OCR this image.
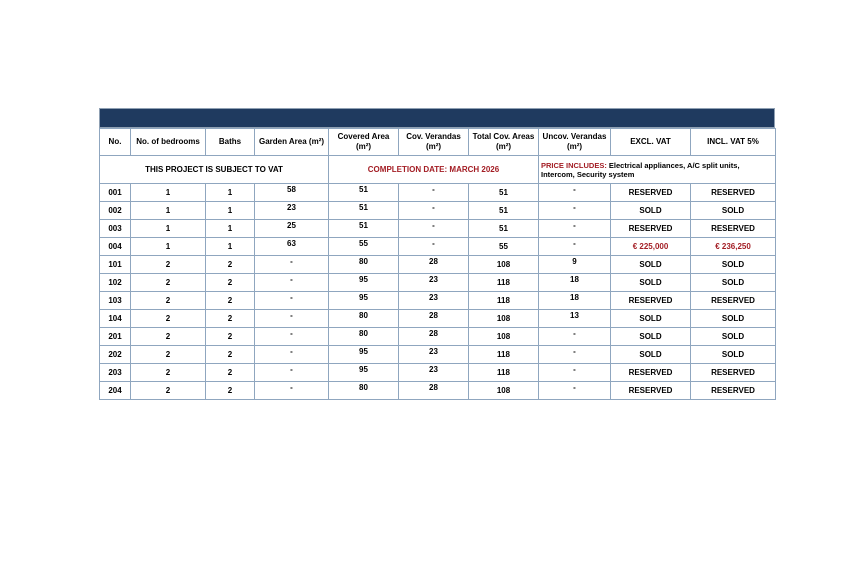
THIS PROJECT IS SUBJECT TO VAT				COMPLETION DATE: MARCH 2026			PRICE INCLUDES: Electrical appliances, A/C split units, Intercom, Security system		
No.	No. of bedrooms	Baths	Garden Area (m²)	Covered Area (m²)	Cov. Verandas (m²)	Total Cov. Areas (m²)	Uncov. Verandas (m²)	EXCL. VAT	INCL. VAT 5%
001	1	1	58	51	-	51	-	RESERVED	RESERVED
002	1	1	23	51	-	51	-	SOLD	SOLD
003	1	1	25	51	-	51	-	RESERVED	RESERVED
004	1	1	63	55	-	55	-	€ 225,000	€ 236,250
101	2	2	-	80	28	108	9	SOLD	SOLD
102	2	2	-	95	23	118	18	SOLD	SOLD
103	2	2	-	95	23	118	18	RESERVED	RESERVED
104	2	2	-	80	28	108	13	SOLD	SOLD
201	2	2	-	80	28	108	-	SOLD	SOLD
202	2	2	-	95	23	118	-	SOLD	SOLD
203	2	2	-	95	23	118	-	RESERVED	RESERVED
204	2	2	-	80	28	108	-	RESERVED	RESERVED
